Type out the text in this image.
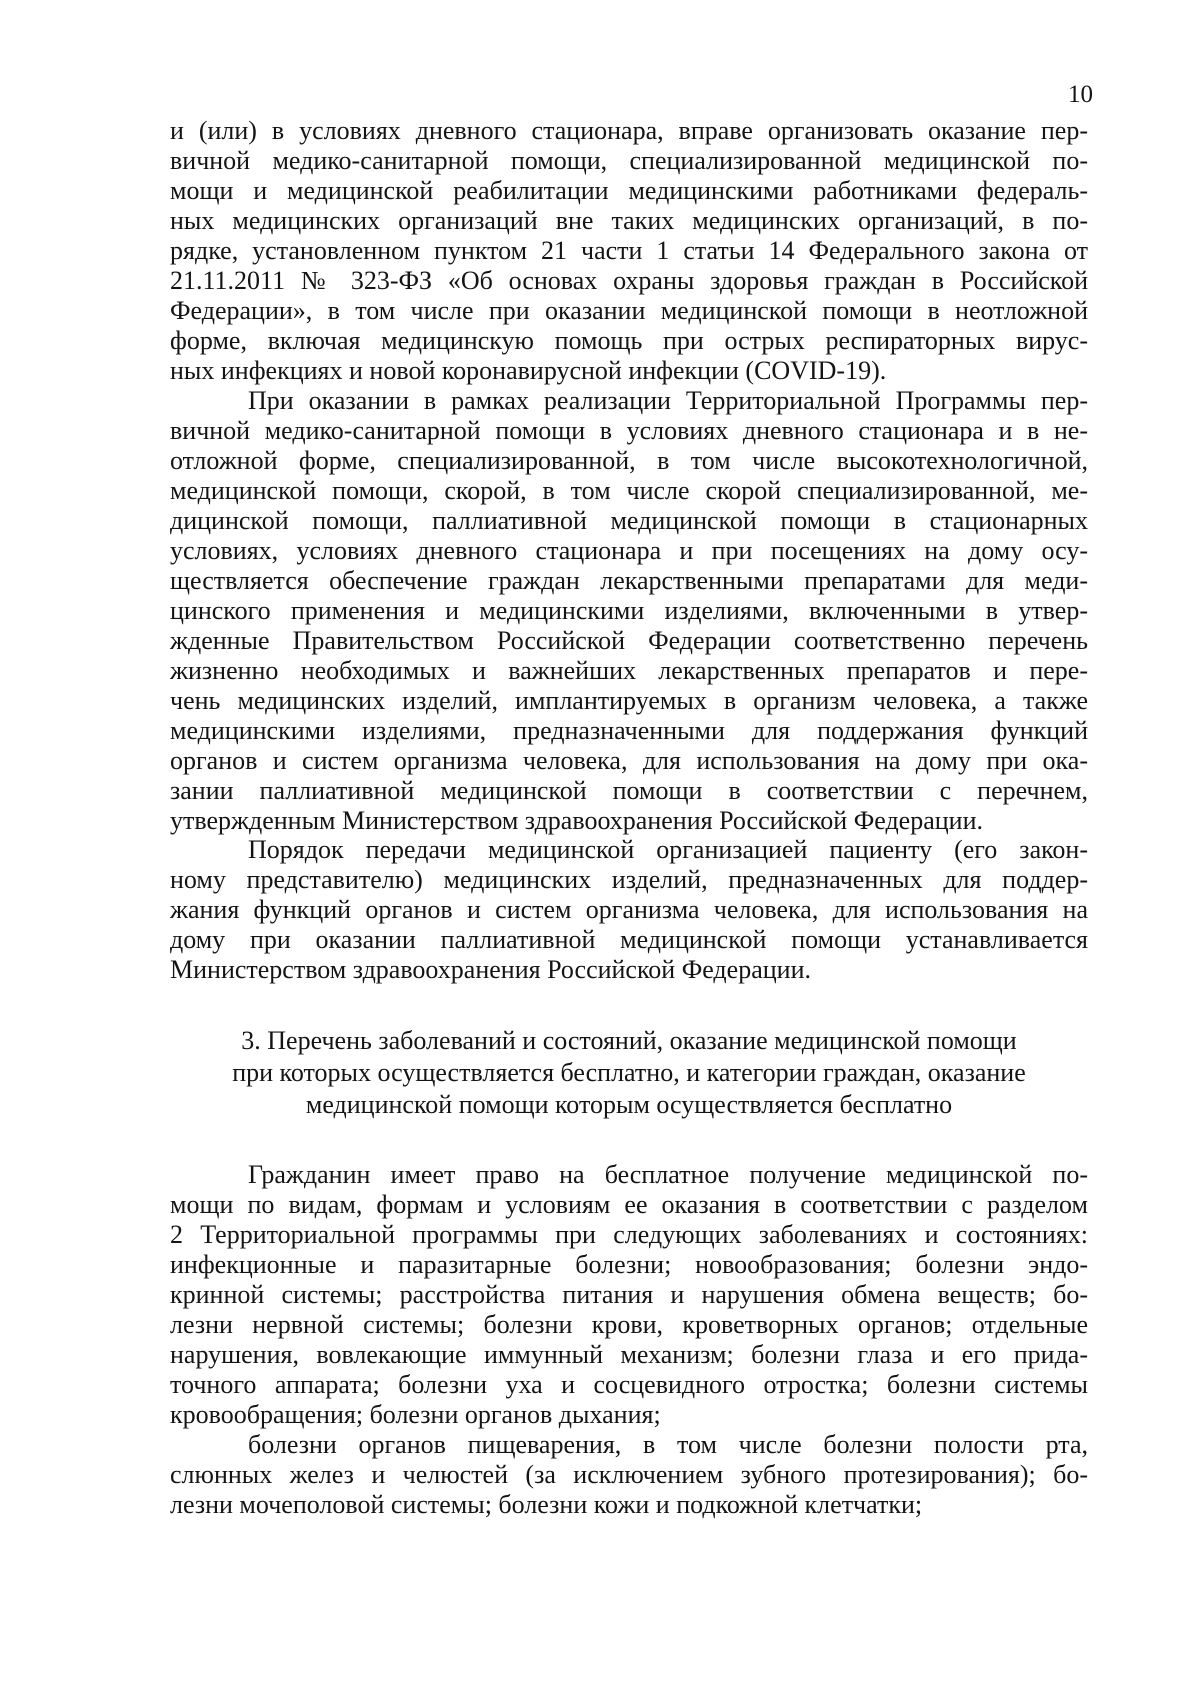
10
и (или) в условиях дневного стационара, вправе организовать оказание пер-
вичной медико-санитарной помощи, специализированной медицинской по-
мощи и медицинской реабилитации медицинскими работниками федераль-
ных медицинских организаций вне таких медицинских организаций, в по-
рядке, установленном пунктом 21 части 1 статьи 14 Федерального закона от
21.11.2011 № 323-ФЗ «Об основах охраны здоровья граждан в Российской
Федерации», в том числе при оказании медицинской помощи в неотложной
форме, включая медицинскую помощь при острых респираторных вирус-
ных инфекциях и новой коронавирусной инфекции (COVID-19).
При оказании в рамках реализации Территориальной Программы пер-
вичной медико-санитарной помощи в условиях дневного стационара и в не-
отложной форме, специализированной, в том числе высокотехнологичной,
медицинской помощи, скорой, в том числе скорой специализированной, ме-
дицинской помощи, паллиативной медицинской помощи в стационарных
условиях, условиях дневного стационара и при посещениях на дому осу-
ществляется обеспечение граждан лекарственными препаратами для меди-
цинского применения и медицинскими изделиями, включенными в утвер-
жденные Правительством Российской Федерации соответственно перечень
жизненно необходимых и важнейших лекарственных препаратов и пере-
чень медицинских изделий, имплантируемых в организм человека, а также
медицинскими изделиями, предназначенными для поддержания функций
органов и систем организма человека, для использования на дому при ока-
зании паллиативной медицинской помощи в соответствии с перечнем,
утвержденным Министерством здравоохранения Российской Федерации.
Порядок передачи медицинской организацией пациенту (его закон-
ному представителю) медицинских изделий, предназначенных для поддер-
жания функций органов и систем организма человека, для использования на
дому при оказании паллиативной медицинской помощи устанавливается
Министерством здравоохранения Российской Федерации.
3. Перечень заболеваний и состояний, оказание медицинской помощи
при которых осуществляется бесплатно, и категории граждан, оказание
медицинской помощи которым осуществляется бесплатно
Гражданин имеет право на бесплатное получение медицинской по-
мощи по видам, формам и условиям ее оказания в соответствии с разделом
2 Территориальной программы при следующих заболеваниях и состояниях:
инфекционные и паразитарные болезни; новообразования; болезни эндо-
кринной системы; расстройства питания и нарушения обмена веществ; бо-
лезни нервной системы; болезни крови, кроветворных органов; отдельные
нарушения, вовлекающие иммунный механизм; болезни глаза и его прида-
точного аппарата; болезни уха и сосцевидного отростка; болезни системы
кровообращения; болезни органов дыхания;
болезни органов пищеварения, в том числе болезни полости рта,
слюнных желез и челюстей (за исключением зубного протезирования); бо-
лезни мочеполовой системы; болезни кожи и подкожной клетчатки;
